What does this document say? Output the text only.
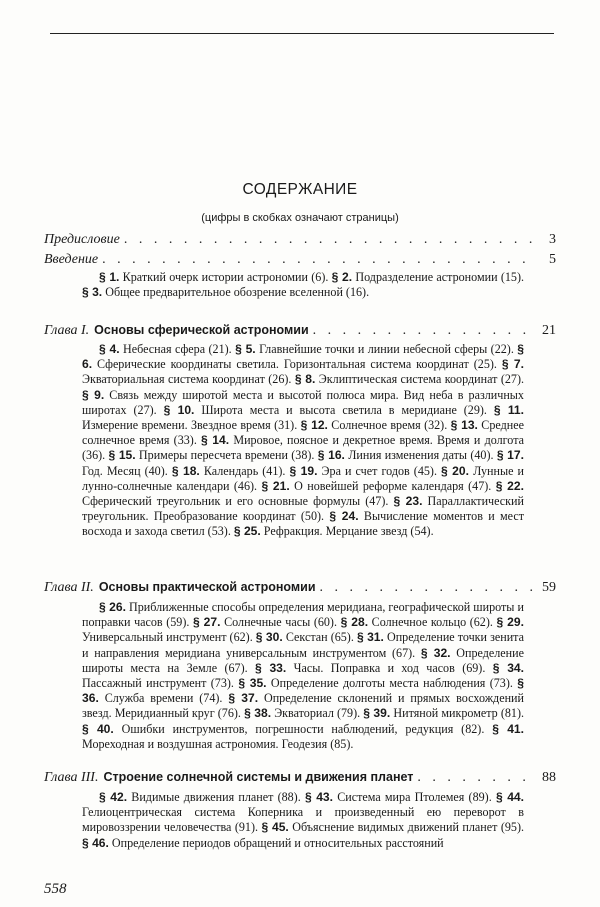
СОДЕРЖАНИЕ
(цифры в скобках означают страницы)
Предисловие . . .	3
Введение . . .	5
§ 1. Краткий очерк истории астрономии (6). § 2. Подразделение астрономии (15). § 3. Общее предварительное обозрение вселенной (16).
Глава I. Основы сферической астрономии . . .	21
§ 4. Небесная сфера (21). § 5. Главнейшие точки и линии небесной сферы (22). § 6. Сферические координаты светила. Горизонтальная система координат (25). § 7. Экваториальная система координат (26). § 8. Эклиптическая система координат (27). § 9. Связь между широтой места и высотой полюса мира. Вид неба в различных широтах (27). § 10. Широта места и высота светила в меридиане (29). § 11. Измерение времени. Звездное время (31). § 12. Солнечное время (32). § 13. Среднее солнечное время (33). § 14. Мировое, поясное и декретное время. Время и долгота (36). § 15. Примеры пересчета времени (38). § 16. Линия изменения даты (40). § 17. Год. Месяц (40). § 18. Календарь (41). § 19. Эра и счет годов (45). § 20. Лунные и лунно-солнечные календари (46). § 21. О новейшей реформе календаря (47). § 22. Сферический треугольник и его основные формулы (47). § 23. Параллактический треугольник. Преобразование координат (50). § 24. Вычисление моментов и мест восхода и захода светил (53). § 25. Рефракция. Мерцание звезд (54).
Глава II. Основы практической астрономии . . .	59
§ 26. Приближенные способы определения меридиана, географической широты и поправки часов (59). § 27. Солнечные часы (60). § 28. Солнечное кольцо (62). § 29. Универсальный инструмент (62). § 30. Секстан (65). § 31. Определение точки зенита и направления меридиана универсальным инструментом (67). § 32. Определение широты места на Земле (67). § 33. Часы. Поправка и ход часов (69). § 34. Пассажный инструмент (73). § 35. Определение долготы места наблюдения (73). § 36. Служба времени (74). § 37. Определение склонений и прямых восхождений звезд. Меридианный круг (76). § 38. Экваториал (79). § 39. Нитяной микрометр (81). § 40. Ошибки инструментов, погрешности наблюдений, редукция (82). § 41. Мореходная и воздушная астрономия. Геодезия (85).
Глава III. Строение солнечной системы и движения планет . . .	88
§ 42. Видимые движения планет (88). § 43. Система мира Птолемея (89). § 44. Гелиоцентрическая система Коперника и произведенный ею переворот в мировоззрении человечества (91). § 45. Объяснение видимых движений планет (95). § 46. Определение периодов обращений и относительных расстояний
558
